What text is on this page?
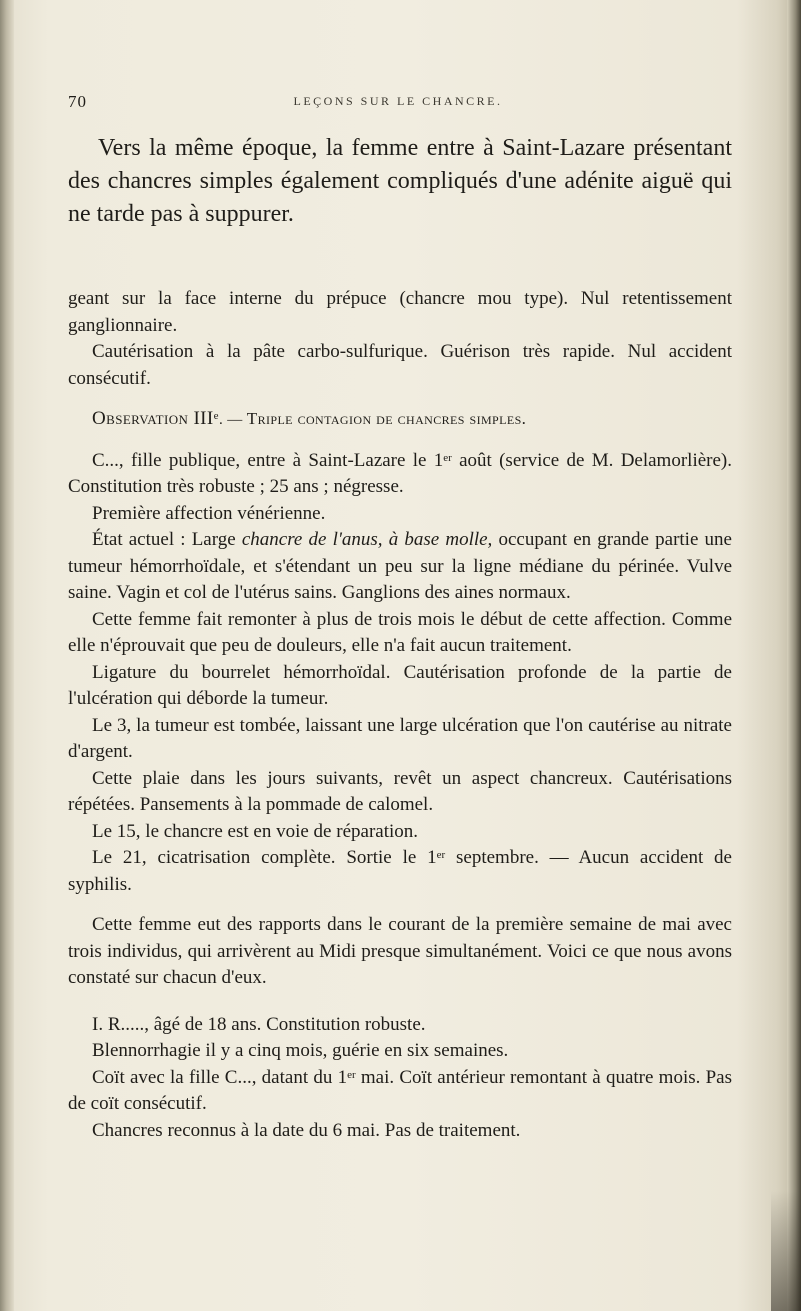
70	LEÇONS SUR LE CHANCRE.
Vers la même époque, la femme entre à Saint-Lazare présentant des chancres simples également compliqués d'une adénite aiguë qui ne tarde pas à suppurer.

geant sur la face interne du prépuce (chancre mou type). Nul retentissement ganglionnaire.

Cautérisation à la pâte carbo-sulfurique. Guérison très rapide. Nul accident consécutif.

Observation IIIe. — Triple contagion de chancres simples.

C..., fille publique, entre à Saint-Lazare le 1er août (service de M. Delamorlière). Constitution très robuste ; 25 ans ; négresse.

Première affection vénérienne.

État actuel : Large chancre de l'anus, à base molle, occupant en grande partie une tumeur hémorrhoïdale, et s'étendant un peu sur la ligne médiane du périnée. Vulve saine. Vagin et col de l'utérus sains. Ganglions des aines normaux.

Cette femme fait remonter à plus de trois mois le début de cette affection. Comme elle n'éprouvait que peu de douleurs, elle n'a fait aucun traitement.

Ligature du bourrelet hémorrhoïdal. Cautérisation profonde de la partie de l'ulcération qui déborde la tumeur.

Le 3, la tumeur est tombée, laissant une large ulcération que l'on cautérise au nitrate d'argent.

Cette plaie dans les jours suivants, revêt un aspect chancreux. Cautérisations répétées. Pansements à la pommade de calomel.

Le 15, le chancre est en voie de réparation.

Le 21, cicatrisation complète. Sortie le 1er septembre. — Aucun accident de syphilis.

Cette femme eut des rapports dans le courant de la première semaine de mai avec trois individus, qui arrivèrent au Midi presque simultanément. Voici ce que nous avons constaté sur chacun d'eux.

I. R....., âgé de 18 ans. Constitution robuste.

Blennorrhagie il y a cinq mois, guérie en six semaines.

Coït avec la fille C..., datant du 1er mai. Coït antérieur remontant à quatre mois. Pas de coït consécutif.

Chancres reconnus à la date du 6 mai. Pas de traitement.
